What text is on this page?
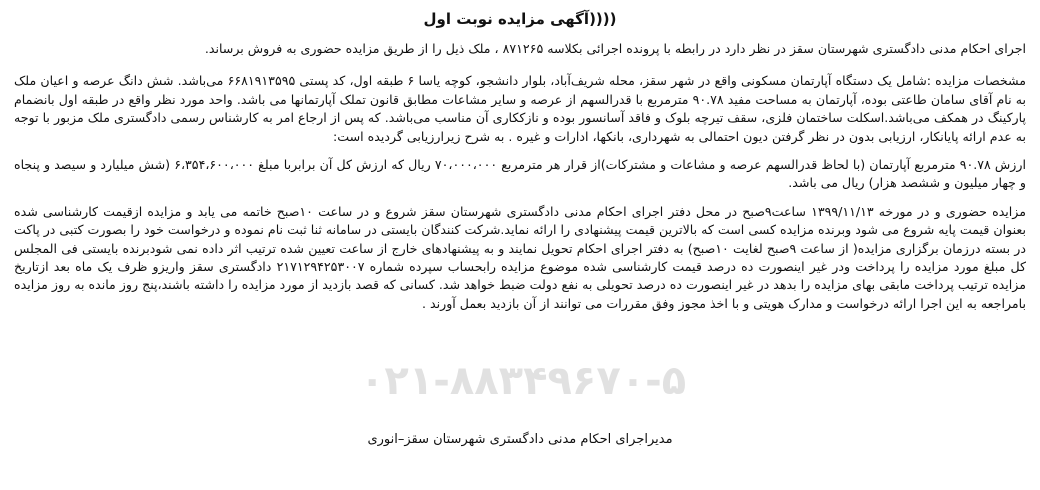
آگهی مزایده نوبت اول))))

اجرای احکام مدنی دادگستری شهرستان سقز در نظر دارد در رابطه با پرونده اجرائی بکلاسه ۸۷۱۲۶۵ ، ملک ذیل را از طریق مزایده حضوری به فروش برساند.

مشخصات مزایده :شامل یک دستگاه آپارتمان مسکونی واقع در شهر سقز، محله شریف‌آباد، بلوار دانشجو، کوچه یاسا ۶ طبقه اول، کد پستی ۶۶۸۱۹۱۳۵۹۵ می‌باشد. شش دانگ عرصه و اعیان ملک به نام آقای سامان طاعتی بوده، آپارتمان به مساحت مفید ۹۰.۷۸ مترمربع با قدرالسهم از عرصه و سایر مشاعات مطابق قانون تملک آپارتمانها می باشد. واحد مورد نظر واقع در طبقه اول بانضمام پارکینگ در همکف می‌باشد.اسکلت ساختمان فلزی، سقف تیرچه بلوک و فاقد آسانسور بوده و نازککاری آن مناسب می‌باشد. که پس از ارجاع امر به کارشناس رسمی دادگستری ملک مزبور با توجه به عدم ارائه پایانکار، ارزیابی بدون در نظر گرفتن دیون احتمالی به شهرداری، بانکها، ادارات و غیره . به شرح زیرارزیابی گردیده است:

ارزش ۹۰.۷۸ مترمربع آپارتمان (با لحاظ قدرالسهم عرصه و مشاعات و مشترکات)از قرار هر مترمربع ۷۰،۰۰۰،۰۰۰ ریال که ارزش کل آن برابربا مبلغ ۶،۳۵۴،۶۰۰،۰۰۰ (شش میلیارد و سیصد و پنجاه و چهار میلیون و ششصد هزار) ریال می باشد.

مزایده حضوری و در مورخه ۱۳۹۹/۱۱/۱۳ ساعت۹صبح در محل دفتر اجرای احکام مدنی دادگستری شهرستان سقز شروع و در ساعت ۱۰صبح خاتمه می یابد و مزایده ازقیمت کارشناسی شده بعنوان قیمت پایه شروع می شود وبرنده مزایده کسی است که بالاترین قیمت پیشنهادی را ارائه نماید.شرکت کنندگان بایستی در سامانه ثنا ثبت نام نموده و درخواست خود را بصورت کتبی در پاکت در بسته درزمان برگزاری مزایده( از ساعت ۹صبح لغایت ۱۰صبح) به دفتر اجرای احکام تحویل نمایند و به پیشنهادهای خارج از ساعت تعیین شده ترتیب اثر داده نمی شودبرنده بایستی فی المجلس کل مبلغ مورد مزایده را پرداخت ودر غیر اینصورت ده درصد قیمت کارشناسی شده موضوع مزایده رابحساب سپرده شماره ۲۱۷۱۲۹۴۲۵۳۰۰۷ دادگستری سقز واریزو ظرف یک ماه بعد ازتاریخ مزایده ترتیب پرداخت مابقی بهای مزایده را بدهد در غیر اینصورت ده درصد تحویلی به نفع دولت ضبط خواهد شد. کسانی که قصد بازدید از مورد مزایده را داشته باشند،پنج روز مانده به روز مزایده بامراجعه به این اجرا ارائه درخواست و مدارک هویتی و با اخذ مجوز وفق مقررات می توانند از آن بازدید بعمل آورند .

۰۲۱-۸۸۳۴۹۶۷۰-۵
مدیراجرای احکام مدنی دادگستری شهرستان سقز–انوری
